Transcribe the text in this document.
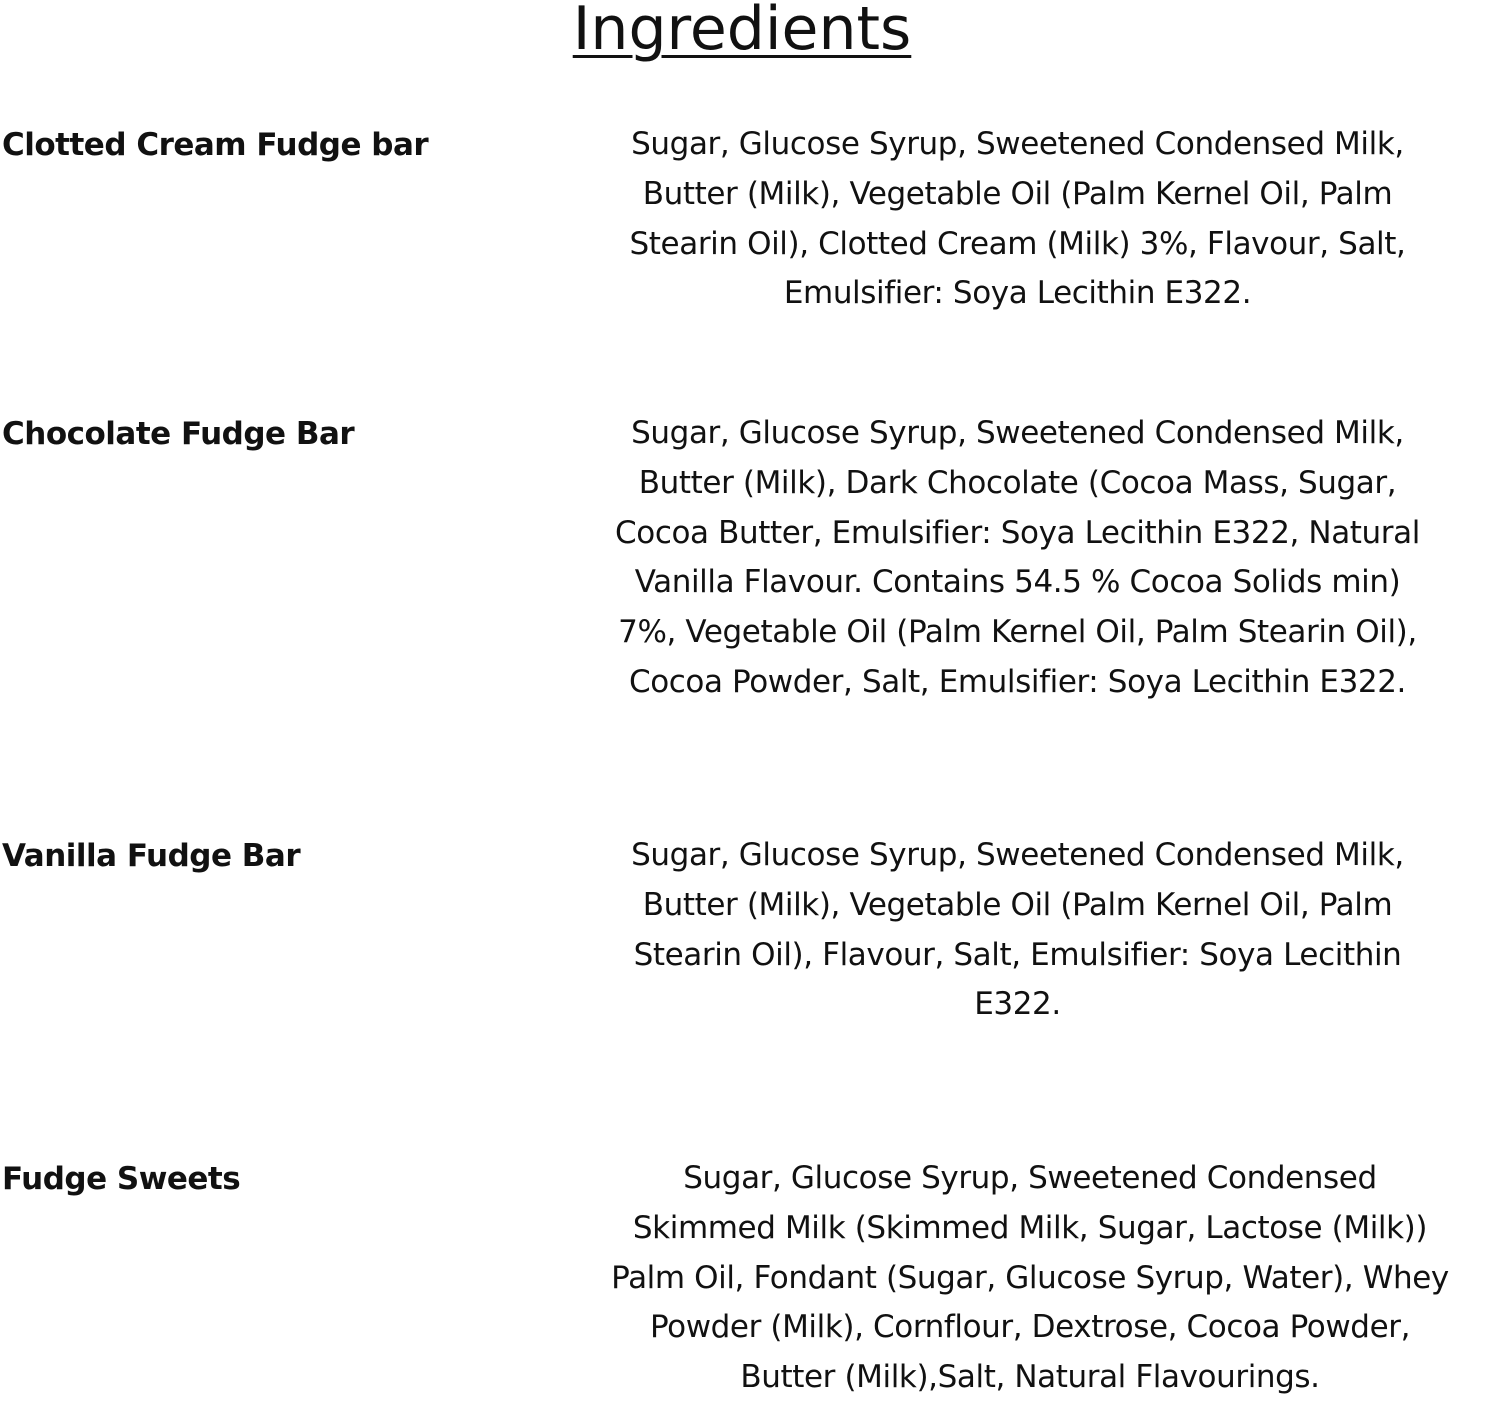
Ingredients
Clotted Cream Fudge bar	Sugar, Glucose Syrup, Sweetened Condensed Milk,
Butter (Milk), Vegetable Oil (Palm Kernel Oil, Palm
Stearin Oil), Clotted Cream (Milk) 3%, Flavour, Salt,
Emulsifier: Soya Lecithin E322.

Chocolate Fudge Bar	Sugar, Glucose Syrup, Sweetened Condensed Milk,
Butter (Milk), Dark Chocolate (Cocoa Mass, Sugar,
Cocoa Butter, Emulsifier: Soya Lecithin E322, Natural
Vanilla Flavour. Contains 54.5 % Cocoa Solids min)
7%, Vegetable Oil (Palm Kernel Oil, Palm Stearin Oil),
Cocoa Powder, Salt, Emulsifier: Soya Lecithin E322.

Vanilla Fudge Bar	Sugar, Glucose Syrup, Sweetened Condensed Milk,
Butter (Milk), Vegetable Oil (Palm Kernel Oil, Palm
Stearin Oil), Flavour, Salt, Emulsifier: Soya Lecithin
E322.

Fudge Sweets	Sugar, Glucose Syrup, Sweetened Condensed
Skimmed Milk (Skimmed Milk, Sugar, Lactose (Milk))
Palm Oil, Fondant (Sugar, Glucose Syrup, Water), Whey
Powder (Milk), Cornflour, Dextrose, Cocoa Powder,
Butter (Milk),Salt, Natural Flavourings.
